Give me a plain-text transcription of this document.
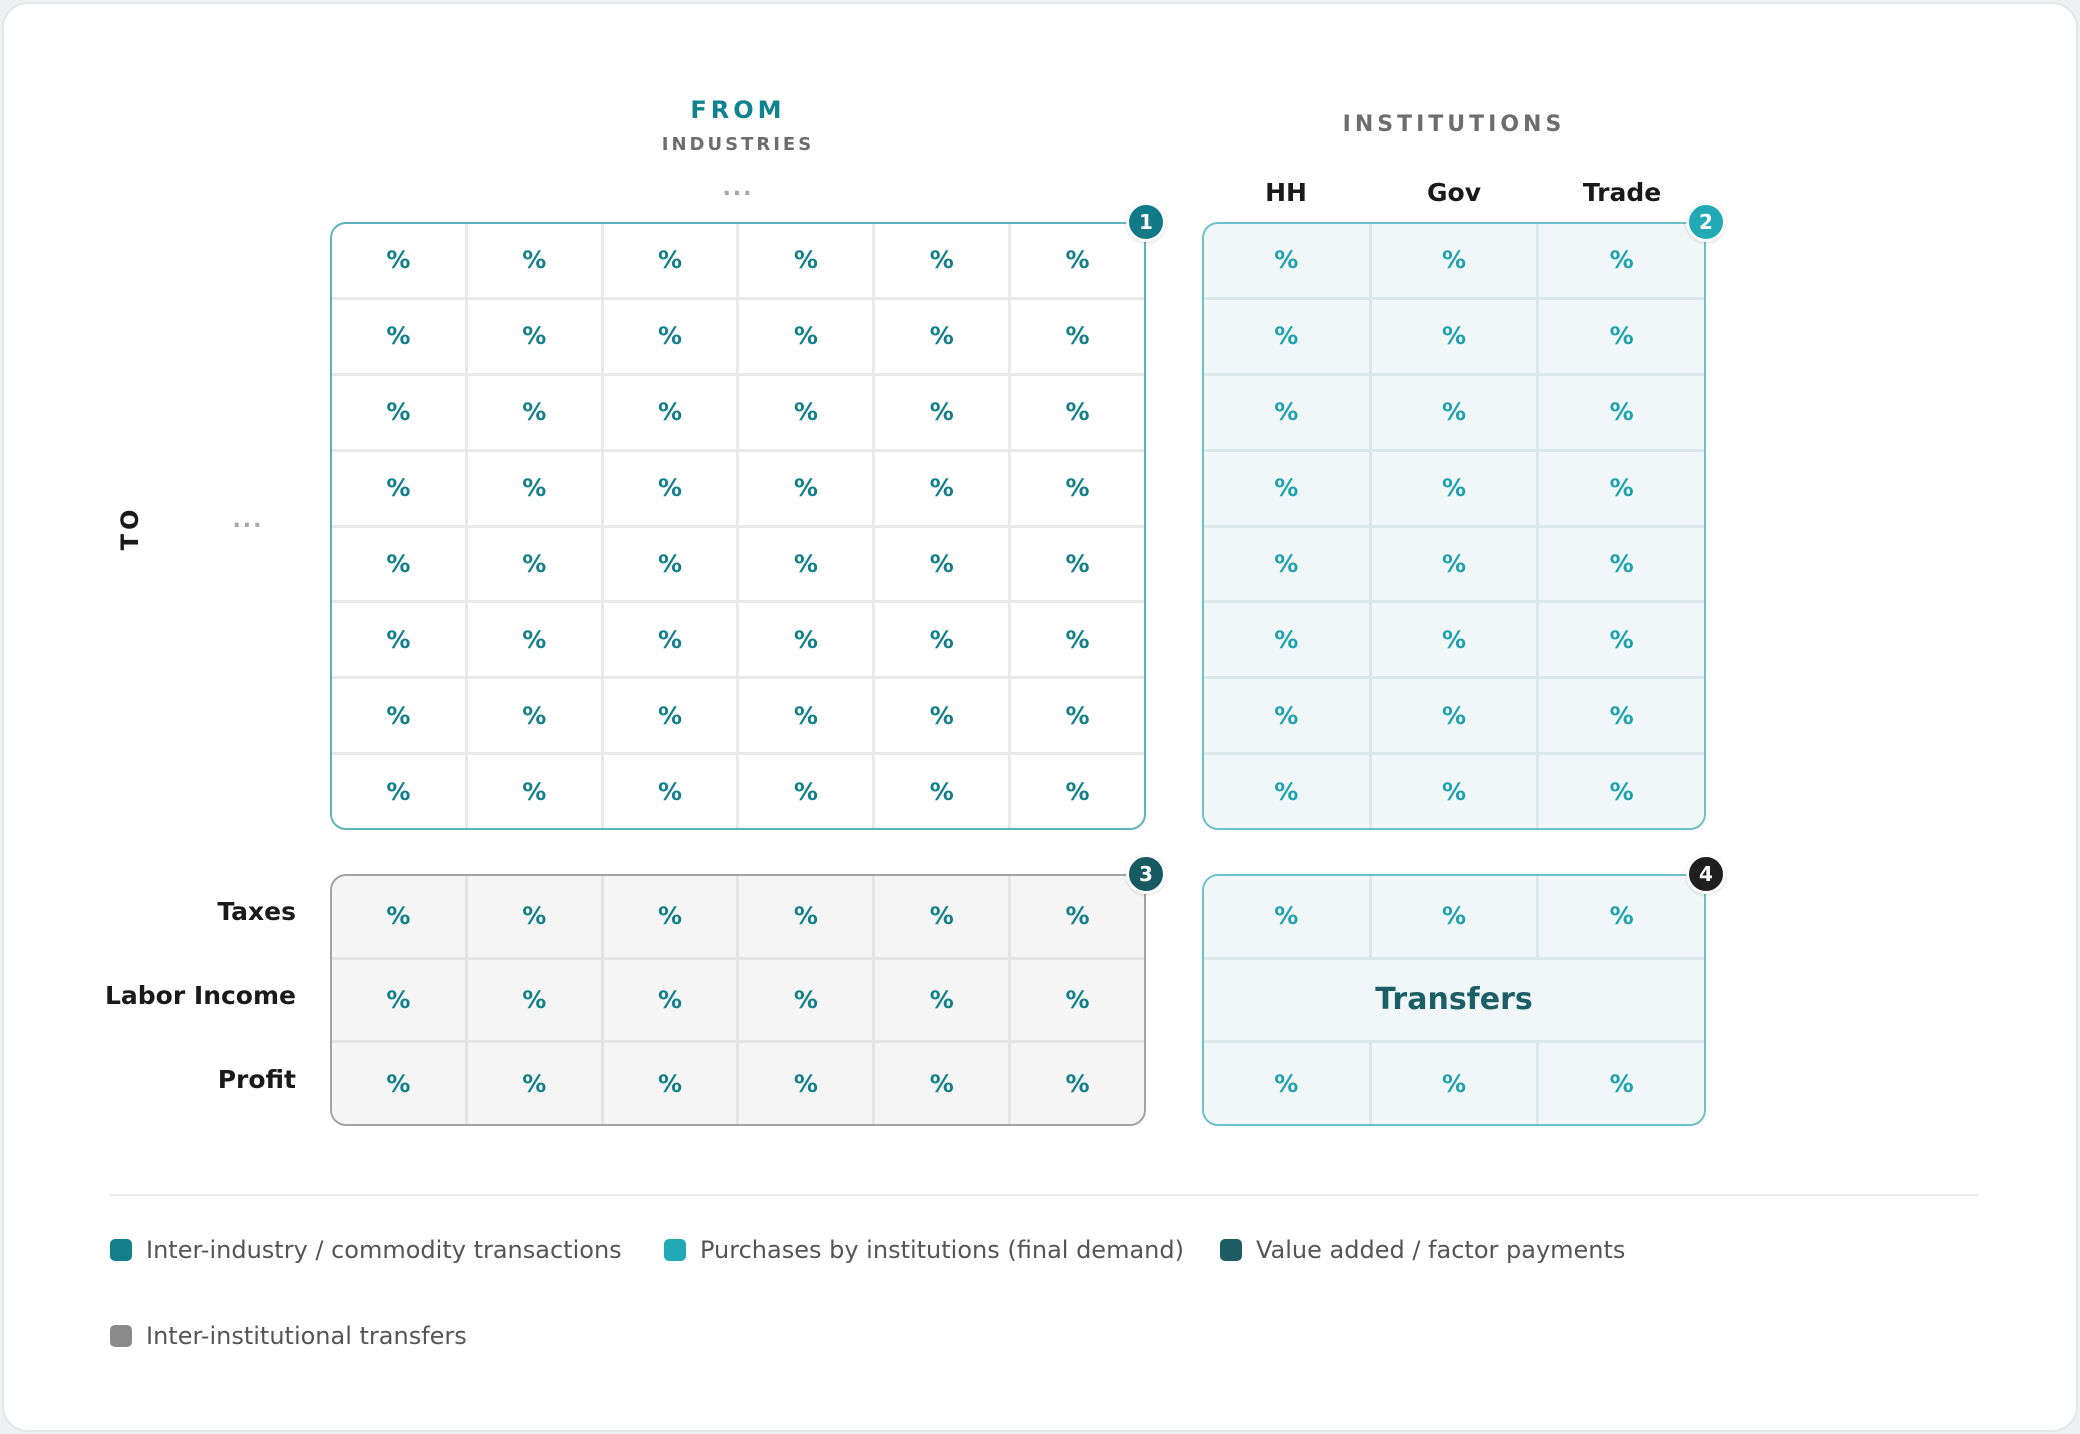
FROM
INDUSTRIES
INSTITUTIONS
...
...
TO
HH	Gov	Trade
Taxes
Labor Income
Profit
%	%	%	%	%	%
%	%	%	%	%	%
%	%	%	%	%	%
%	%	%	%	%	%
%	%	%	%	%	%
%	%	%	%	%	%
%	%	%	%	%	%
%	%	%	%	%	%
%	%	%
%	%	%
%	%	%
%	%	%
%	%	%
%	%	%
%	%	%
%	%	%
%	%	%	%	%	%
%	%	%	%	%	%
%	%	%	%	%	%
%	%	%
Transfers
%	%	%
1	2
3	4
Inter-industry / commodity transactions	Purchases by institutions (final demand)	Value added / factor payments
Inter-institutional transfers
